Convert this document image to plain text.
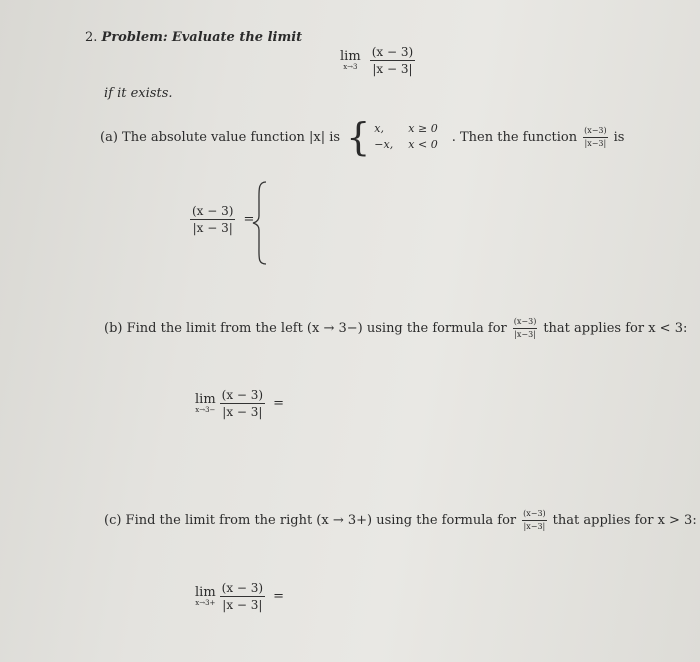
2. Problem: Evaluate the limit
lim
x→3
$\frac{(x - 3)}{|x - 3|}$
if it exists.
(a) The absolute value function |x| is { x, x ≥ 0
−x, x < 0 . Then the function $\frac{(x-3)}{|x-3|}$ is
$\frac{(x - 3)}{|x - 3|}$ =
(b) Find the limit from the left (x → 3−) using the formula for $\frac{(x-3)}{|x-3|}$ that applies for x < 3:
lim
$x\to 3- \frac{(x - 3)}{|x - 3|}$ =
(c) Find the limit from the right (x → 3+) using the formula for $\frac{(x-3)}{|x-3|}$ that applies for x > 3:
lim
$x\to 3+ \frac{(x - 3)}{|x - 3|}$ =
